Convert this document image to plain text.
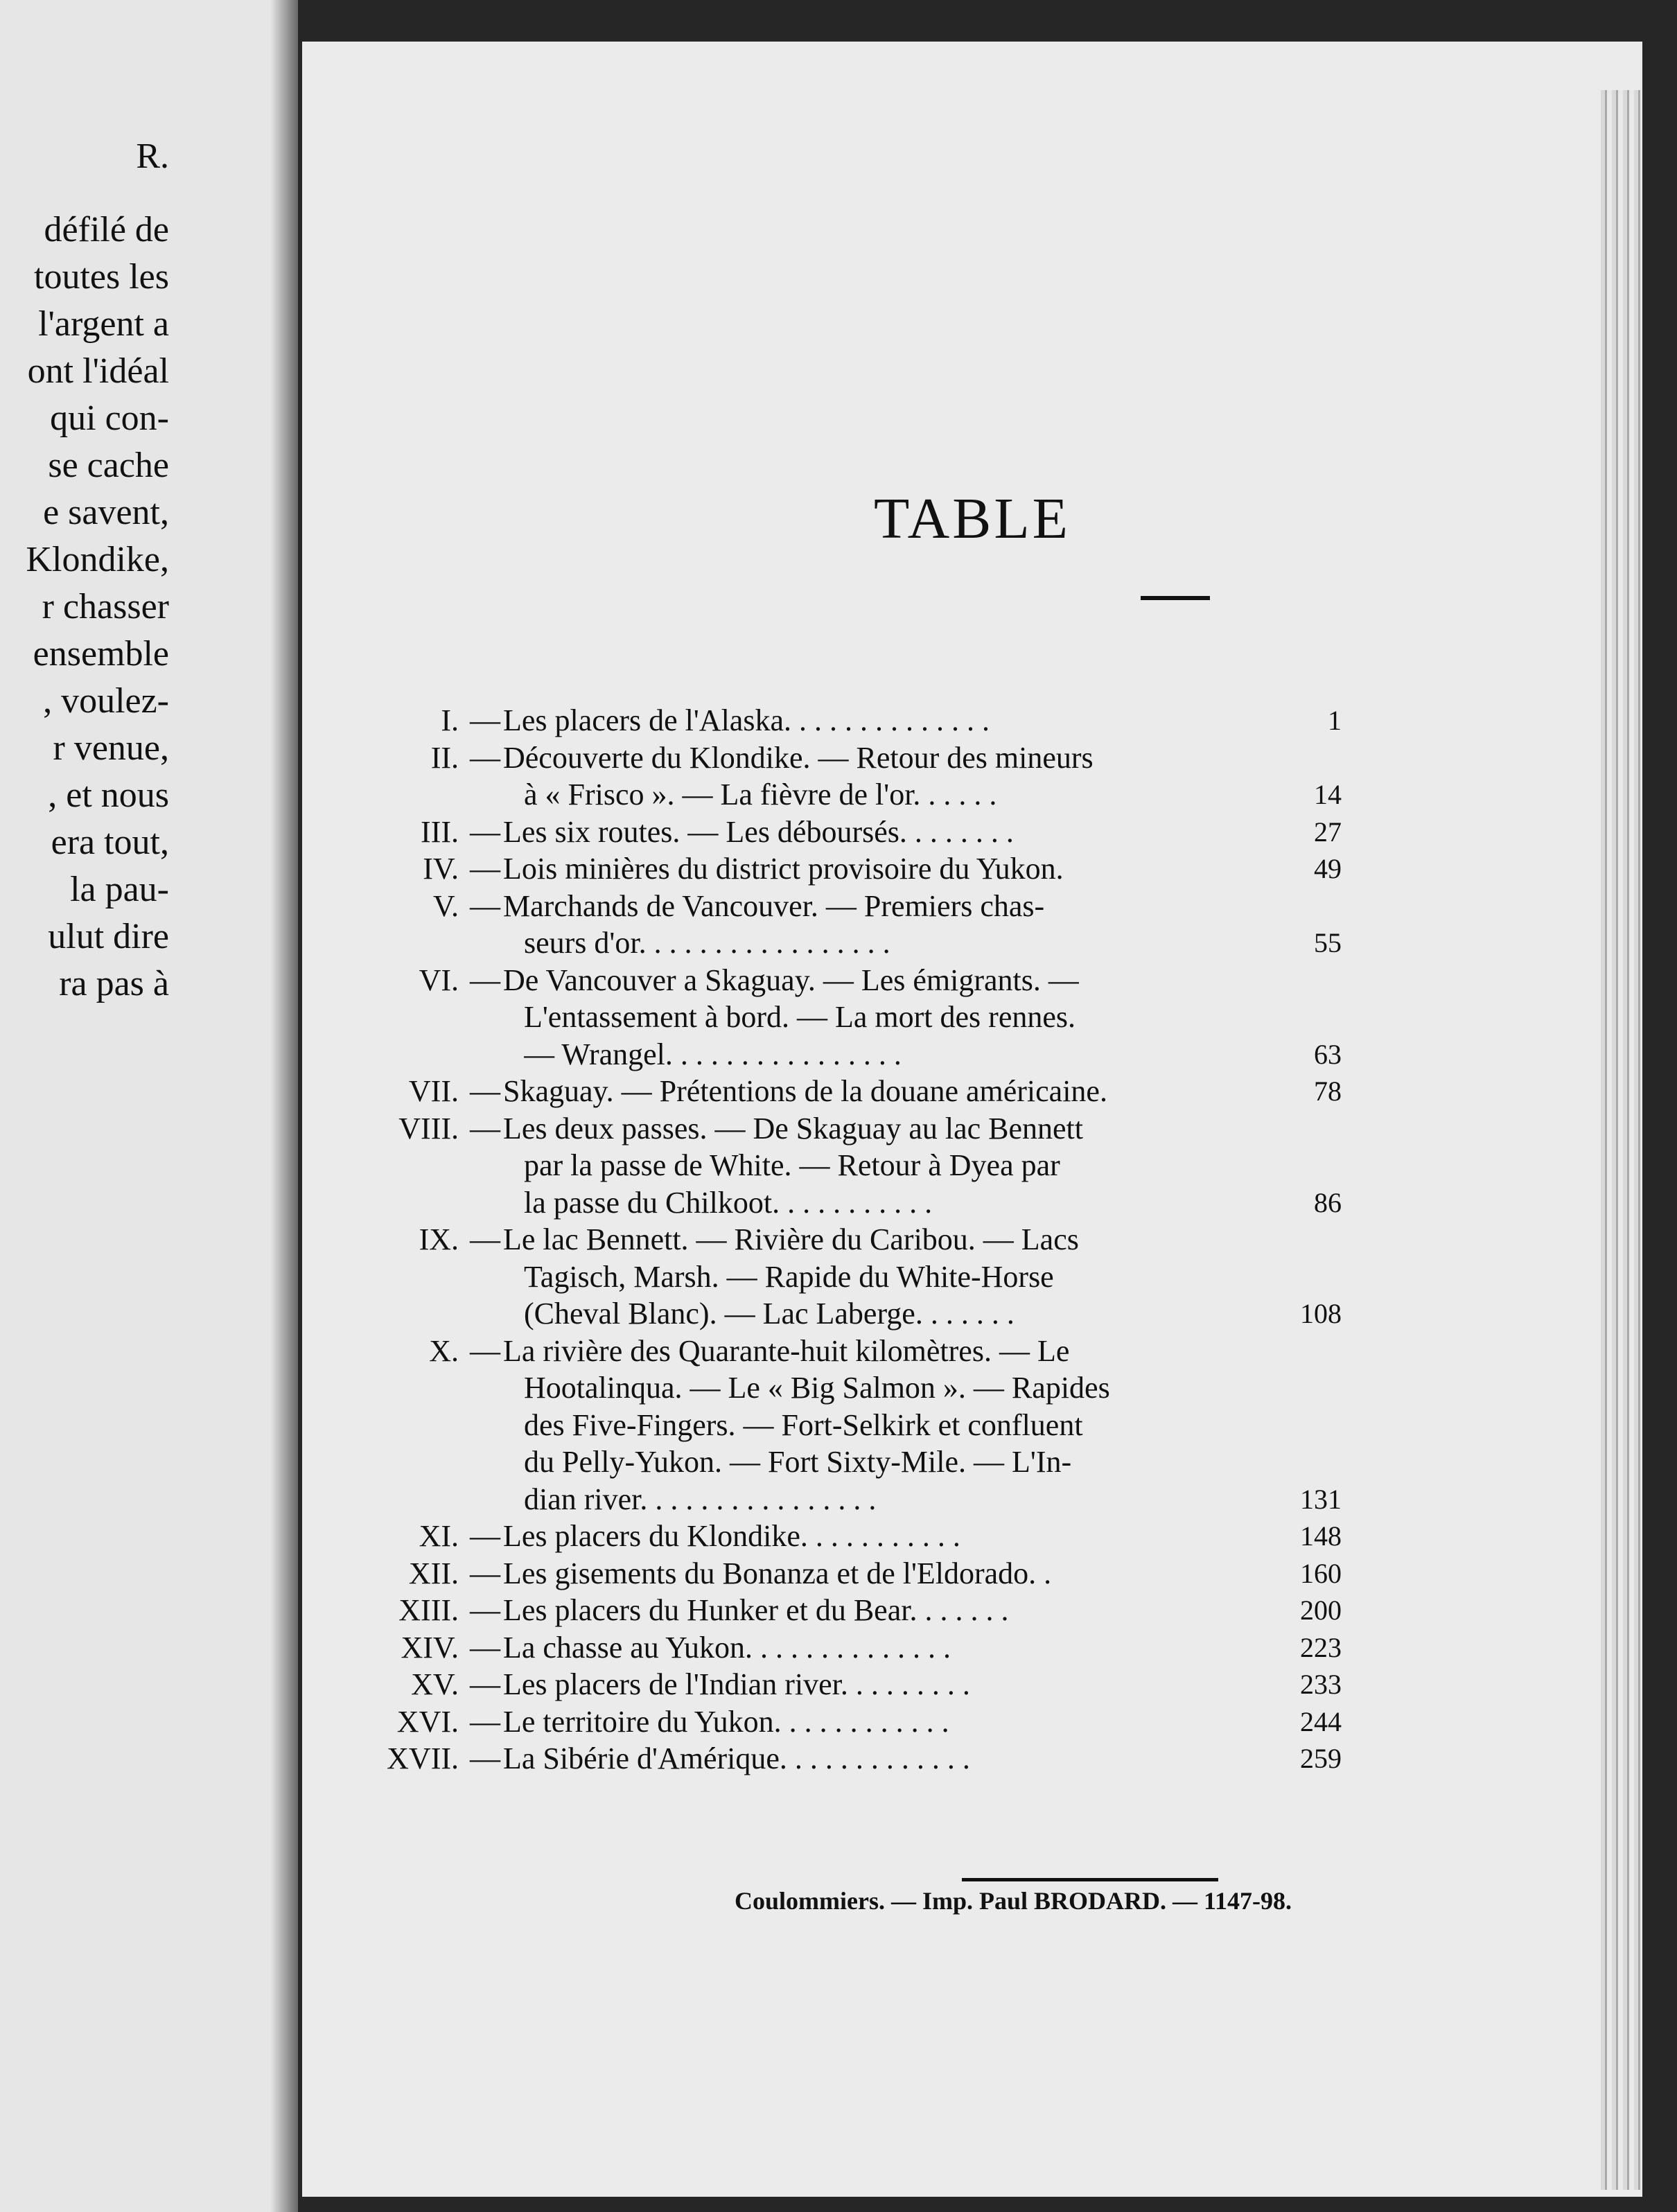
R.
défilé de
toutes les
l'argent a
ont l'idéal
qui con-
se cache
e savent,
Klondike,
r chasser
ensemble
, voulez-
r venue,
, et nous
era tout,
la pau-
ulut dire
ra pas à
TABLE
I. — Les placers de l'Alaska. . . . . . . . . . . . . .	1
II. — Découverte du Klondike. — Retour des mineurs
à « Frisco ». — La fièvre de l'or. . . . . .	14
III. — Les six routes. — Les déboursés. . . . . . . .	27
IV. — Lois minières du district provisoire du Yukon.	49
V. — Marchands de Vancouver. — Premiers chas-
seurs d'or. . . . . . . . . . . . . . . . .	55
VI. — De Vancouver a Skaguay. — Les émigrants. —
L'entassement à bord. — La mort des rennes.
— Wrangel. . . . . . . . . . . . . . . .	63
VII. — Skaguay. — Prétentions de la douane américaine.	78
VIII. — Les deux passes. — De Skaguay au lac Bennett
par la passe de White. — Retour à Dyea par
la passe du Chilkoot. . . . . . . . . . .	86
IX. — Le lac Bennett. — Rivière du Caribou. — Lacs
Tagisch, Marsh. — Rapide du White-Horse
(Cheval Blanc). — Lac Laberge. . . . . . .	108
X. — La rivière des Quarante-huit kilomètres. — Le
Hootalinqua. — Le « Big Salmon ». — Rapides
des Five-Fingers. — Fort-Selkirk et confluent
du Pelly-Yukon. — Fort Sixty-Mile. — L'In-
dian river. . . . . . . . . . . . . . . .	131
XI. — Les placers du Klondike. . . . . . . . . . .	148
XII. — Les gisements du Bonanza et de l'Eldorado. .	160
XIII. — Les placers du Hunker et du Bear. . . . . . .	200
XIV. — La chasse au Yukon. . . . . . . . . . . . . .	223
XV. — Les placers de l'Indian river. . . . . . . . .	233
XVI. — Le territoire du Yukon. . . . . . . . . . . .	244
XVII. — La Sibérie d'Amérique. . . . . . . . . . . . .	259
Coulommiers. — Imp. Paul BRODARD. — 1147-98.
